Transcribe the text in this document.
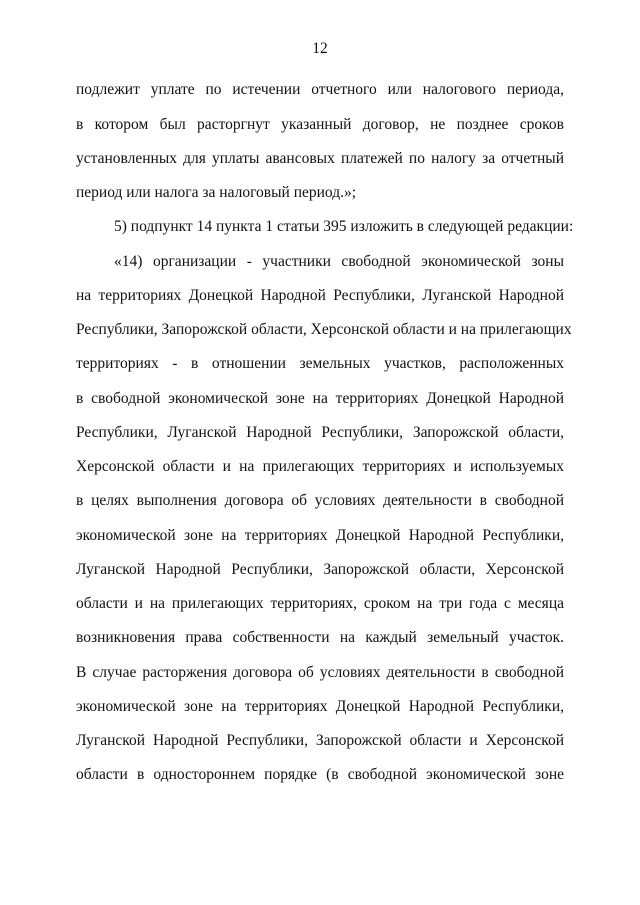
12
подлежит уплате по истечении отчетного или налогового периода,
в котором был расторгнут указанный договор, не позднее сроков
установленных для уплаты авансовых платежей по налогу за отчетный
период или налога за налоговый период.»;
5) подпункт 14 пункта 1 статьи 395 изложить в следующей редакции:
«14) организации - участники свободной экономической зоны
на территориях Донецкой Народной Республики, Луганской Народной
Республики, Запорожской области, Херсонской области и на прилегающих
территориях - в отношении земельных участков, расположенных
в свободной экономической зоне на территориях Донецкой Народной
Республики, Луганской Народной Республики, Запорожской области,
Херсонской области и на прилегающих территориях и используемых
в целях выполнения договора об условиях деятельности в свободной
экономической зоне на территориях Донецкой Народной Республики,
Луганской Народной Республики, Запорожской области, Херсонской
области и на прилегающих территориях, сроком на три года с месяца
возникновения права собственности на каждый земельный участок.
В случае расторжения договора об условиях деятельности в свободной
экономической зоне на территориях Донецкой Народной Республики,
Луганской Народной Республики, Запорожской области и Херсонской
области в одностороннем порядке (в свободной экономической зоне
